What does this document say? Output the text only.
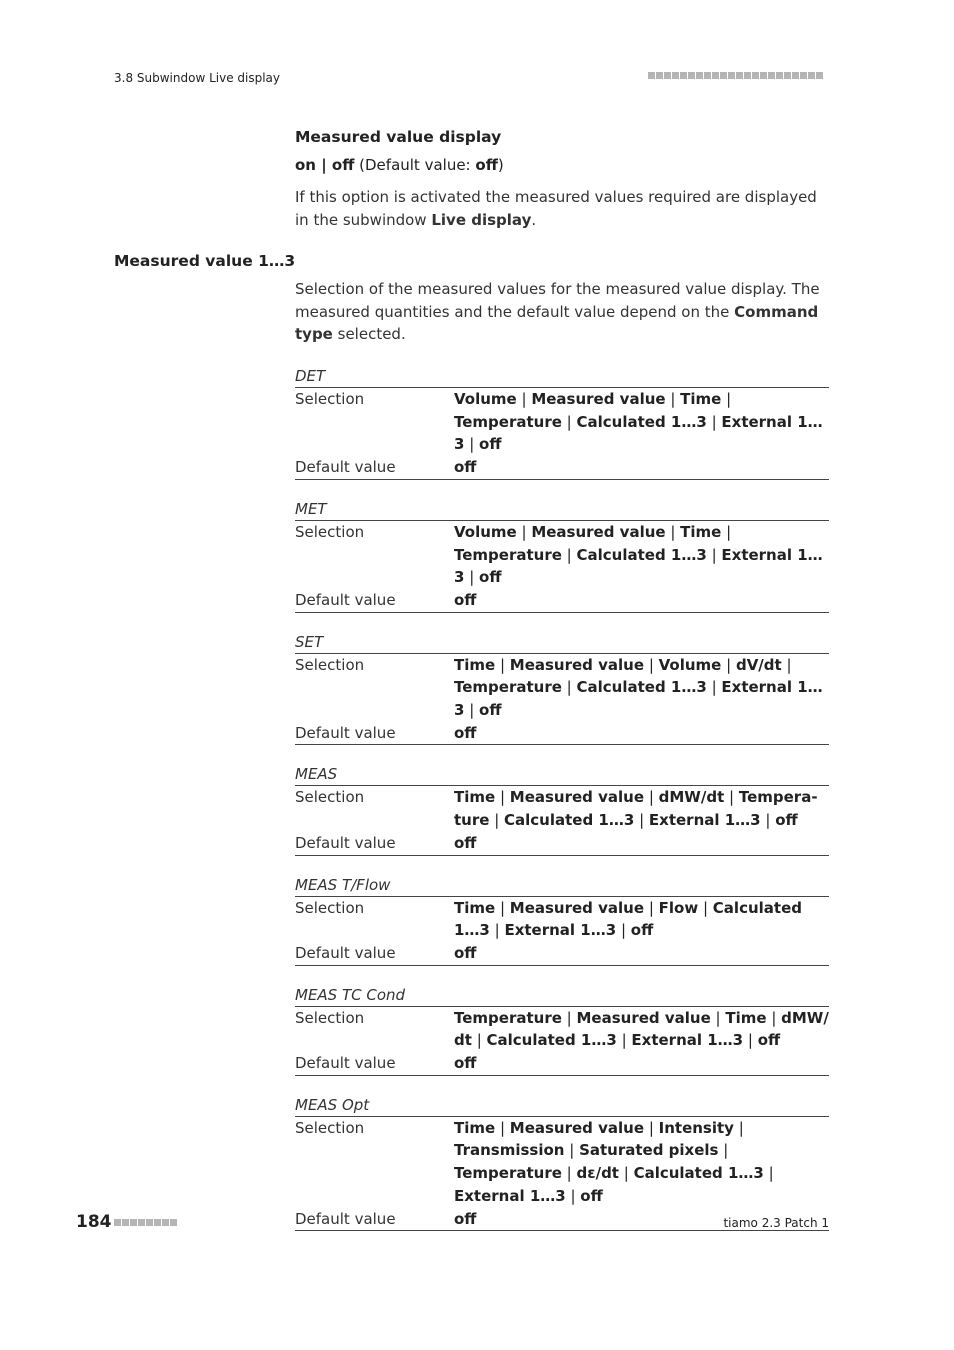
3.8 Subwindow Live display
Measured value display
on | off (Default value: off)
If this option is activated the measured values required are displayed in the subwindow Live display.
Measured value 1…3
Selection of the measured values for the measured value display. The measured quantities and the default value depend on the Command type selected.
DET
Selection	Volume | Measured value | Time | Temperature | Calculated 1…3 | External 1…3 | off
Default value	off
MET
Selection	Volume | Measured value | Time | Temperature | Calculated 1…3 | External 1…3 | off
Default value	off
SET
Selection	Time | Measured value | Volume | dV/dt | Temperature | Calculated 1…3 | External 1…3 | off
Default value	off
MEAS
Selection	Time | Measured value | dMW/dt | Temperature | Calculated 1…3 | External 1…3 | off
Default value	off
MEAS T/Flow
Selection	Time | Measured value | Flow | Calculated 1…3 | External 1…3 | off
Default value	off
MEAS TC Cond
Selection	Temperature | Measured value | Time | dMW/​dt | Calculated 1…3 | External 1…3 | off
Default value	off
MEAS Opt
Selection	Time | Measured value | Intensity | Transmission | Saturated pixels | Temperature | dε/dt | Calculated 1…3 | External 1…3 | off
Default value	off
184	tiamo 2.3 Patch 1
